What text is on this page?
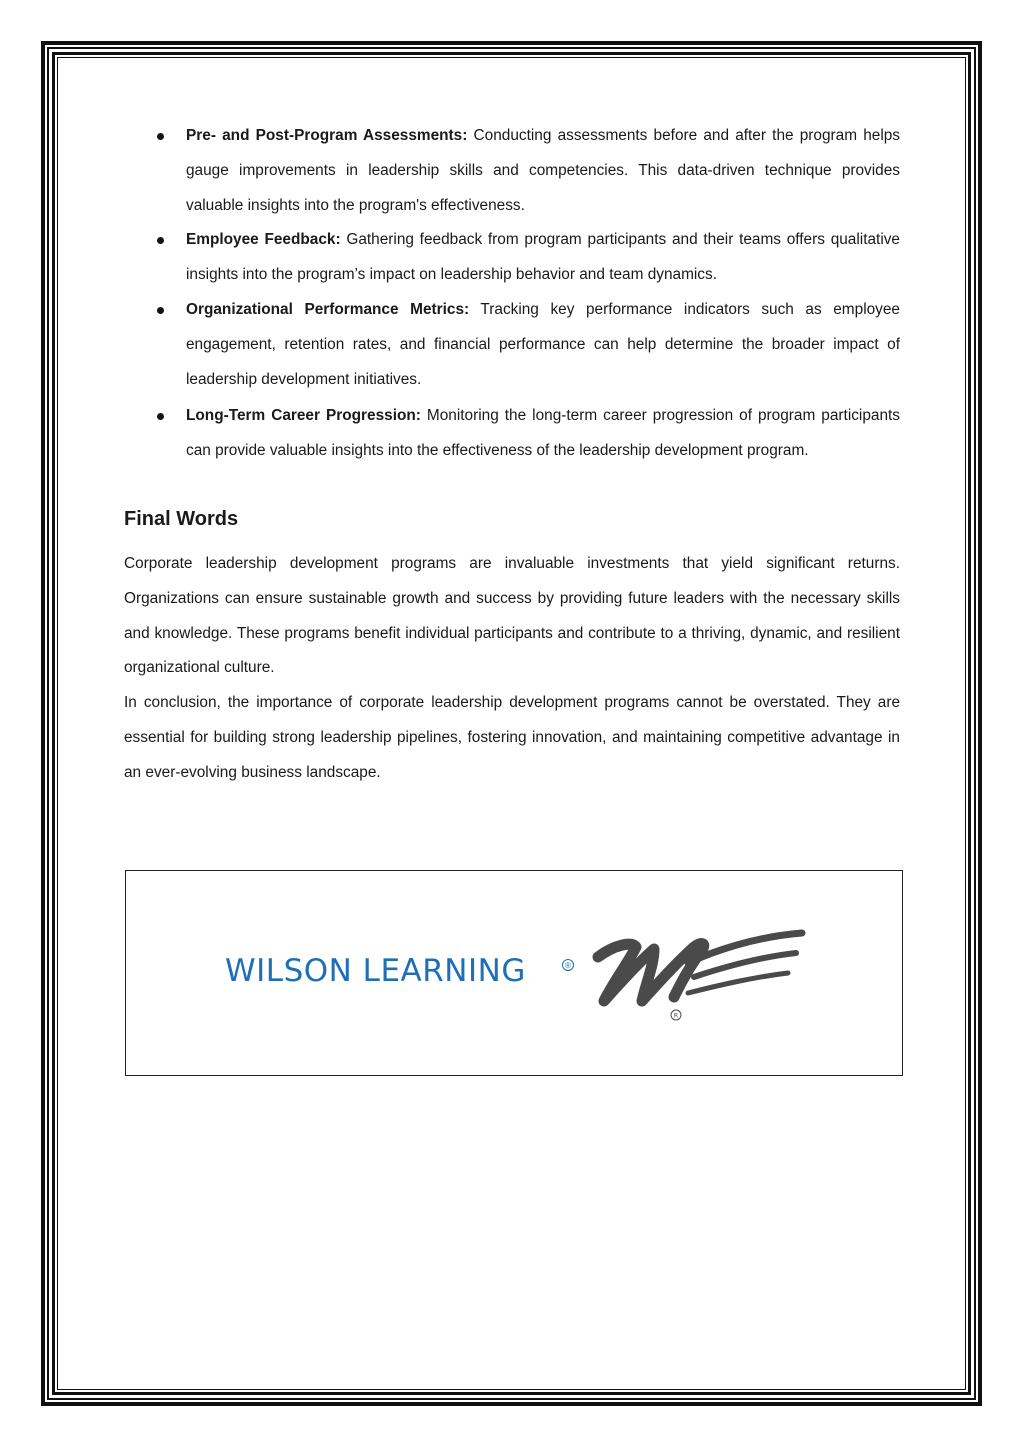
Pre- and Post-Program Assessments: Conducting assessments before and after the program helps gauge improvements in leadership skills and competencies. This data-driven technique provides valuable insights into the program's effectiveness.
Employee Feedback: Gathering feedback from program participants and their teams offers qualitative insights into the program’s impact on leadership behavior and team dynamics.
Organizational Performance Metrics: Tracking key performance indicators such as employee engagement, retention rates, and financial performance can help determine the broader impact of leadership development initiatives.
Long-Term Career Progression: Monitoring the long-term career progression of program participants can provide valuable insights into the effectiveness of the leadership development program.
Final Words

Corporate leadership development programs are invaluable investments that yield significant returns. Organizations can ensure sustainable growth and success by providing future leaders with the necessary skills and knowledge. These programs benefit individual participants and contribute to a thriving, dynamic, and resilient organizational culture.

In conclusion, the importance of corporate leadership development programs cannot be overstated. They are essential for building strong leadership pipelines, fostering innovation, and maintaining competitive advantage in an ever-evolving business landscape.

WILSON LEARNING	®
R
